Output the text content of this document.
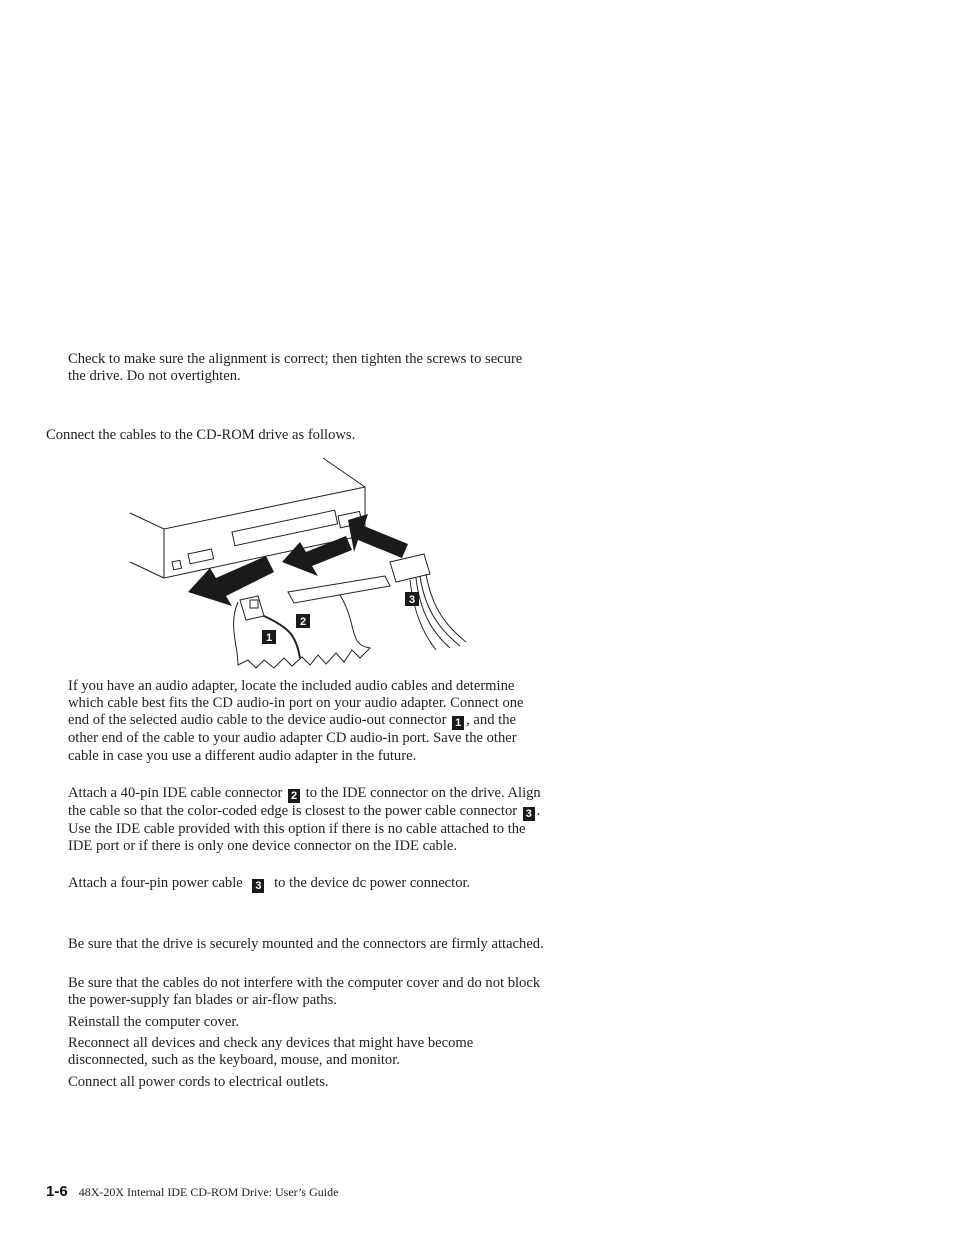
Check to make sure the alignment is correct; then tighten the screws to secure the drive. Do not overtighten.

Connect the cables to the CD-ROM drive as follows.

1
2
3

If you have an audio adapter, locate the included audio cables and determine which cable best fits the CD audio-in port on your audio adapter. Connect one end of the selected audio cable to the device audio-out connector 1 , and the other end of the cable to your audio adapter CD audio-in port. Save the other cable in case you use a different audio adapter in the future.

Attach a 40-pin IDE cable connector 2 to the IDE connector on the drive. Align the cable so that the color-coded edge is closest to the power cable connector 3 . Use the IDE cable provided with this option if there is no cable attached to the IDE port or if there is only one device connector on the IDE cable.

Attach a four-pin power cable 3 to the device dc power connector.

Be sure that the drive is securely mounted and the connectors are firmly attached.

Be sure that the cables do not interfere with the computer cover and do not block the power-supply fan blades or air-flow paths.

Reinstall the computer cover.

Reconnect all devices and check any devices that might have become disconnected, such as the keyboard, mouse, and monitor.

Connect all power cords to electrical outlets.

1-6 48X-20X Internal IDE CD-ROM Drive: User’s Guide
